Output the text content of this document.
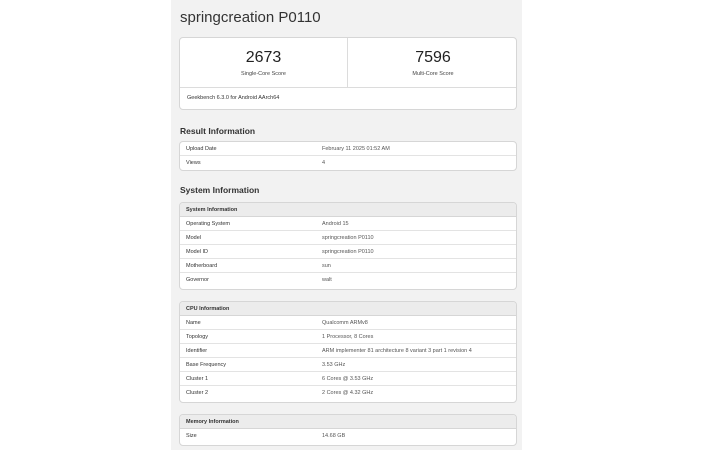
springcreation P0110
2673
Single-Core Score
7596
Multi-Core Score
Geekbench 6.3.0 for Android AArch64
Result Information
Upload Date	February 11 2025 01:52 AM
Views	4
System Information
System Information
Operating System	Android 15
Model	springcreation P0110
Model ID	springcreation P0110
Motherboard	sun
Governor	walt
CPU Information
Name	Qualcomm ARMv8
Topology	1 Processor, 8 Cores
Identifier	ARM implementer 81 architecture 8 variant 3 part 1 revision 4
Base Frequency	3.53 GHz
Cluster 1	6 Cores @ 3.53 GHz
Cluster 2	2 Cores @ 4.32 GHz
Memory Information
Size	14.68 GB
